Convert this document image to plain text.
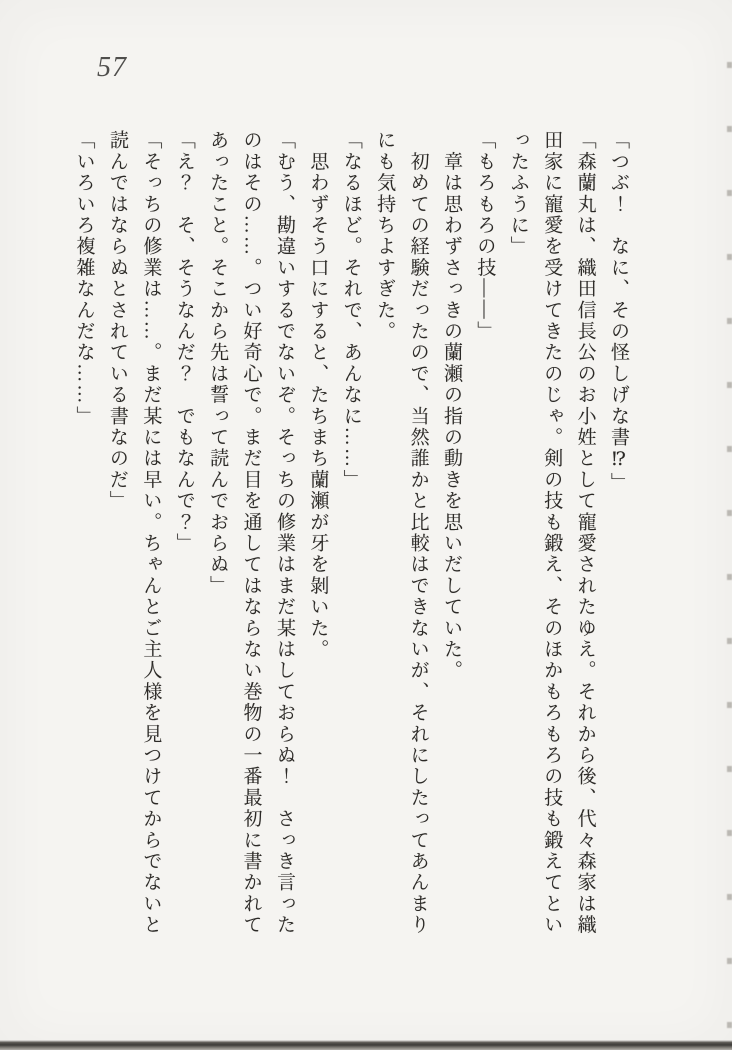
57

「つぶ！　なに、その怪しげな書⁉」

「森蘭丸は、織田信長公のお小姓として寵愛されたゆえ。それから後、代々森家は織

田家に寵愛を受けてきたのじゃ。剣の技も鍛え、そのほかもろもろの技も鍛えてとい

ったふうに」

「もろもろの技――」

　章は思わずさっきの蘭瀬の指の動きを思いだしていた。

　初めての経験だったので、当然誰かと比較はできないが、それにしたってあんまり

にも気持ちよすぎた。

「なるほど。それで、あんなに……」

　思わずそう口にすると、たちまち蘭瀬が牙を剝いた。

「むう、勘違いするでないぞ。そっちの修業はまだ某はしておらぬ！　さっき言った

のはその……。つい好奇心で。まだ目を通してはならない巻物の一番最初に書かれて

あったこと。そこから先は誓って読んでおらぬ」

「え？　そ、そうなんだ？　でもなんで？」

「そっちの修業は……。まだ某には早い。ちゃんとご主人様を見つけてからでないと

読んではならぬとされている書なのだ」

「いろいろ複雑なんだな……」
